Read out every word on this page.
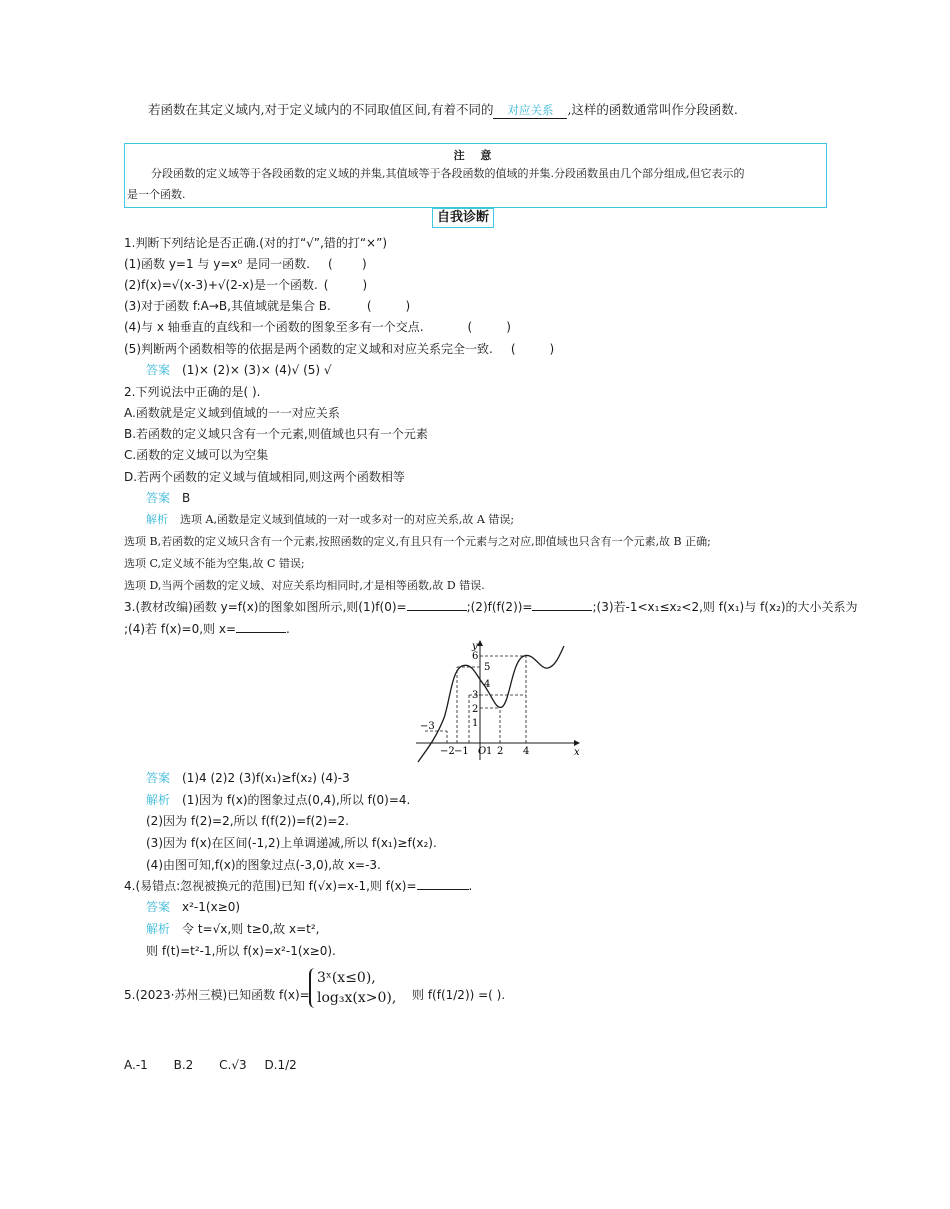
若函数在其定义域内,对于定义域内的不同取值区间,有着不同的 对应关系 ,这样的函数通常叫作分段函数.
注 意
分段函数的定义域等于各段函数的定义域的并集,其值域等于各段函数的值域的并集.分段函数虽由几个部分组成,但它表示的
是一个函数.
自我诊断
1.判断下列结论是否正确.(对的打“√”,错的打“×”)
(1)函数 y=1 与 y=x⁰ 是同一函数. ( )
(2)f(x)=√(x-3)+√(2-x)是一个函数. (	)
(3)对于函数 f:A→B,其值域就是集合 B.	(	)
(4)与 x 轴垂直的直线和一个函数的图象至多有一个交点.	(	)
(5)判断两个函数相等的依据是两个函数的定义域和对应关系完全一致. (	)
答案 (1)× (2)× (3)× (4)√ (5) √
2.下列说法中正确的是( ).
A.函数就是定义域到值域的一一对应关系
B.若函数的定义域只含有一个元素,则值域也只有一个元素
C.函数的定义域可以为空集
D.若两个函数的定义域与值域相同,则这两个函数相等
答案 B
解析 选项 A,函数是定义域到值域的一对一或多对一的对应关系,故 A 错误;
选项 B,若函数的定义域只含有一个元素,按照函数的定义,有且只有一个元素与之对应,即值域也只含有一个元素,故 B 正确;
选项 C,定义域不能为空集,故 C 错误;
选项 D,当两个函数的定义域、对应关系均相同时,才是相等函数,故 D 错误.
3.(教材改编)函数 y=f(x)的图象如图所示,则(1)f(0)=	;(2)f(f(2))=	;(3)若-1<x₁≤x₂<2,则 f(x₁)与 f(x₂)的大小关系为
;(4)若 f(x)=0,则 x=	.
y
x
O
6
5
4
3
2
1
−2 −1 1 2 4
−3
答案 (1)4 (2)2 (3)f(x₁)≥f(x₂) (4)-3
解析 (1)因为 f(x)的图象过点(0,4),所以 f(0)=4.
(2)因为 f(2)=2,所以 f(f(2))=f(2)=2.
(3)因为 f(x)在区间(-1,2)上单调递减,所以 f(x₁)≥f(x₂).
(4)由图可知,f(x)的图象过点(-3,0),故 x=-3.
4.(易错点:忽视被换元的范围)已知 f(√x)=x-1,则 f(x)=	.
答案 x²-1(x≥0)
解析 令 t=√x,则 t≥0,故 x=t²,
则 f(t)=t²-1,所以 f(x)=x²-1(x≥0).
5.(2023·苏州三模)已知函数 f(x)=
3ˣ(x≤0),
log₃x(x>0), 则 f(f(1/2)) =( ).
A.-1 B.2 C.√3 D.1/2
